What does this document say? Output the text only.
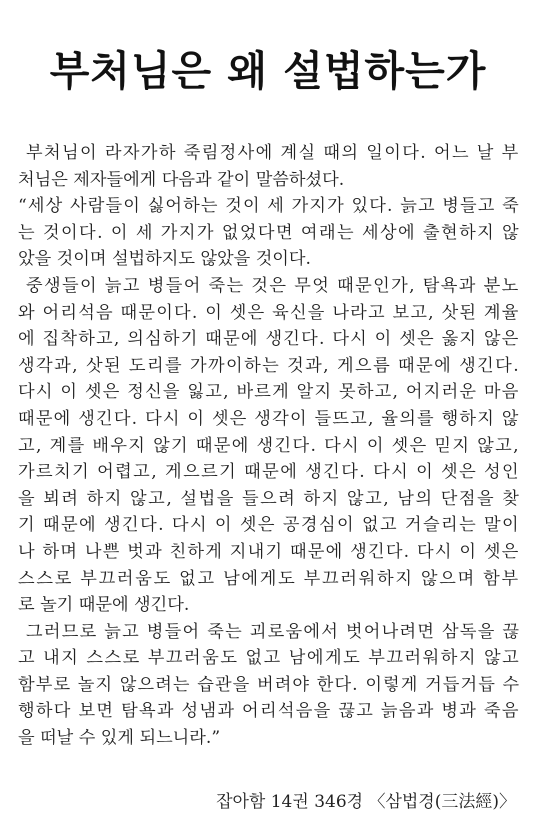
부처님은 왜 설법하는가
부처님이 라자가하 죽림정사에 계실 때의 일이다. 어느 날 부
처님은 제자들에게 다음과 같이 말씀하셨다.
“세상 사람들이 싫어하는 것이 세 가지가 있다. 늙고 병들고 죽
는 것이다. 이 세 가지가 없었다면 여래는 세상에 출현하지 않
았을 것이며 설법하지도 않았을 것이다.
중생들이 늙고 병들어 죽는 것은 무엇 때문인가, 탐욕과 분노
와 어리석음 때문이다. 이 셋은 육신을 나라고 보고, 삿된 계율
에 집착하고, 의심하기 때문에 생긴다. 다시 이 셋은 옳지 않은
생각과, 삿된 도리를 가까이하는 것과, 게으름 때문에 생긴다.
다시 이 셋은 정신을 잃고, 바르게 알지 못하고, 어지러운 마음
때문에 생긴다. 다시 이 셋은 생각이 들뜨고, 율의를 행하지 않
고, 계를 배우지 않기 때문에 생긴다. 다시 이 셋은 믿지 않고,
가르치기 어렵고, 게으르기 때문에 생긴다. 다시 이 셋은 성인
을 뵈려 하지 않고, 설법을 들으려 하지 않고, 남의 단점을 찾
기 때문에 생긴다. 다시 이 셋은 공경심이 없고 거슬리는 말이
나 하며 나쁜 벗과 친하게 지내기 때문에 생긴다. 다시 이 셋은
스스로 부끄러움도 없고 남에게도 부끄러워하지 않으며 함부
로 놀기 때문에 생긴다.
그러므로 늙고 병들어 죽는 괴로움에서 벗어나려면 삼독을 끊
고 내지 스스로 부끄러움도 없고 남에게도 부끄러워하지 않고
함부로 놀지 않으려는 습관을 버려야 한다. 이렇게 거듭거듭 수
행하다 보면 탐욕과 성냄과 어리석음을 끊고 늙음과 병과 죽음
을 떠날 수 있게 되느니라.”
잡아함 14권 346경 〈삼법경(三法經)〉
